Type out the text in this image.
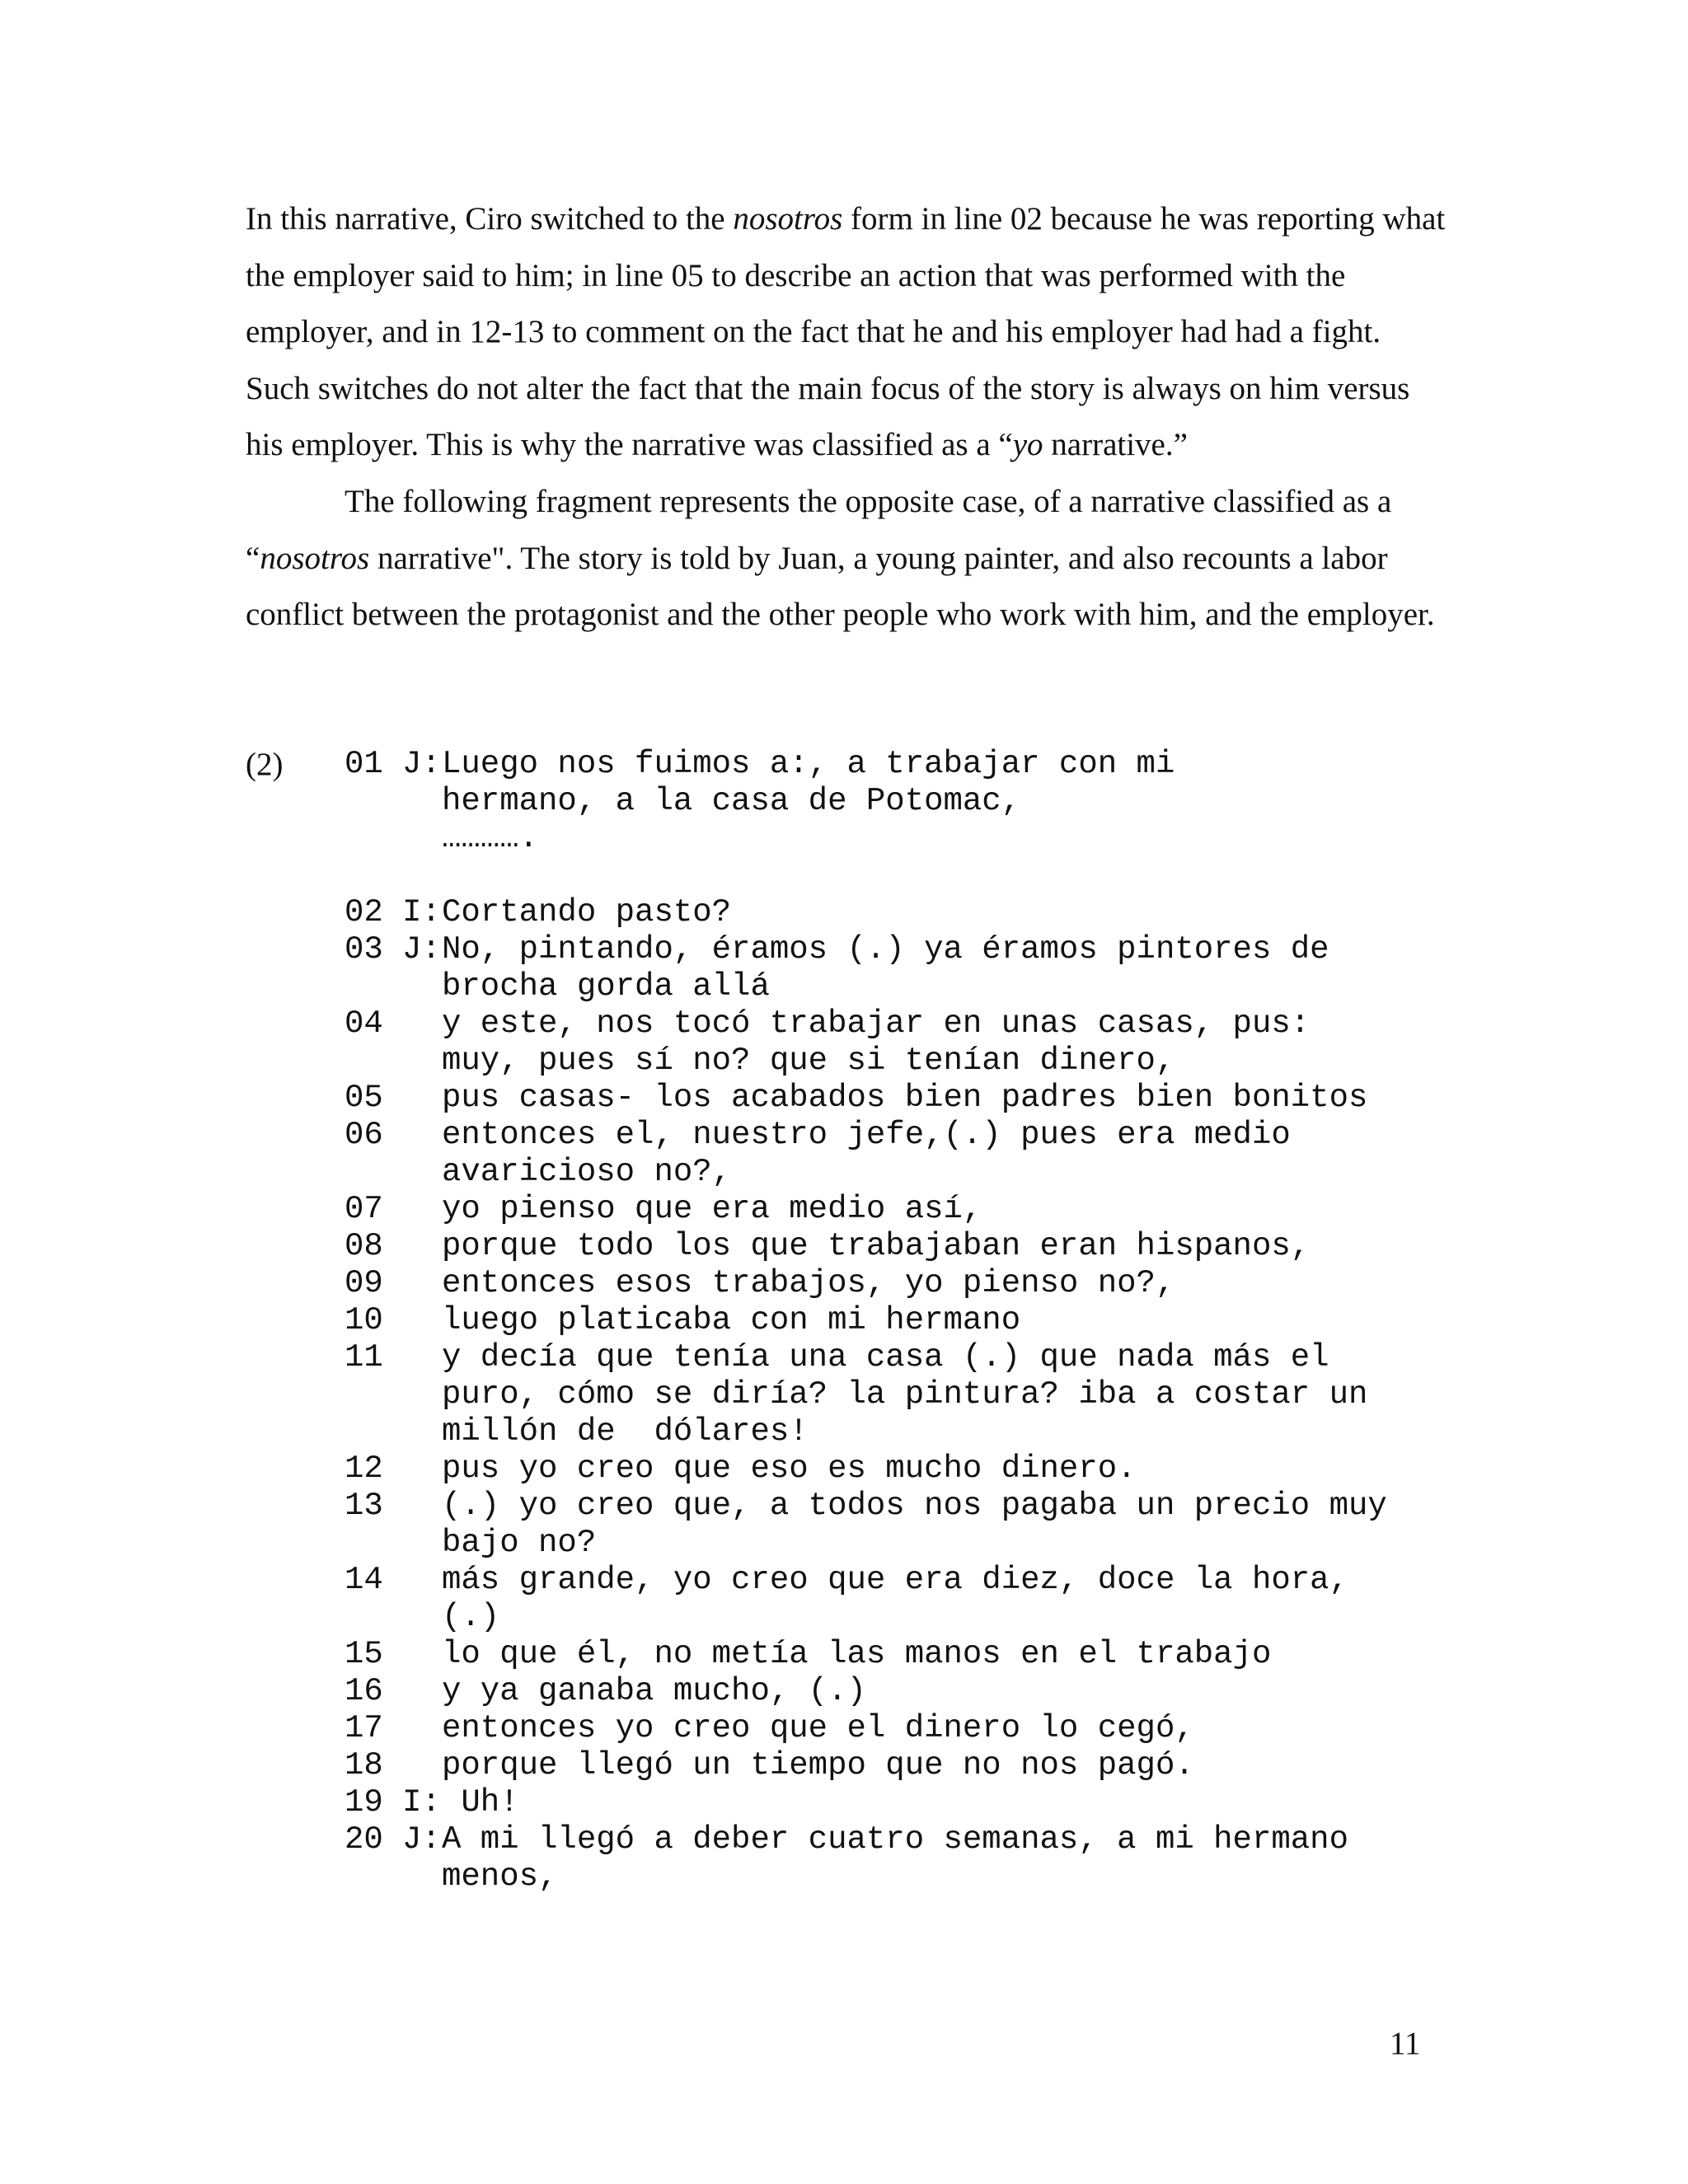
In this narrative, Ciro switched to the nosotros form in line 02 because he was reporting what the employer said to him; in line 05 to describe an action that was performed with the employer, and in 12-13 to comment on the fact that he and his employer had had a fight. Such switches do not alter the fact that the main focus of the story is always on him versus his employer. This is why the narrative was classified as a “yo narrative.”

The following fragment represents the opposite case, of a narrative classified as a “nosotros narrative". The story is told by Juan, a young painter, and also recounts a labor conflict between the protagonist and the other people who work with him, and the employer.

(2) 01 J: Luego nos fuimos a:, a trabajar con mi
hermano, a la casa de Potomac,
………….
02 I: Cortando pasto?
03 J: No, pintando, éramos (.) ya éramos pintores de
brocha gorda allá
04	y este, nos tocó trabajar en unas casas, pus:
muy, pues sí no? que si tenían dinero,
05	pus casas- los acabados bien padres bien bonitos
06	entonces el, nuestro jefe,(.) pues era medio
avaricioso no?,
07	yo pienso que era medio así,
08	porque todo los que trabajaban eran hispanos,
09	entonces esos trabajos, yo pienso no?,
10	luego platicaba con mi hermano
11	y decía que tenía una casa (.) que nada más el
puro, cómo se diría? la pintura? iba a costar un
millón de  dólares!
12	pus yo creo que eso es mucho dinero.
13	(.) yo creo que, a todos nos pagaba un precio muy
bajo no?
14	más grande, yo creo que era diez, doce la hora,
(.)
15	lo que él, no metía las manos en el trabajo
16	y ya ganaba mucho, (.)
17	entonces yo creo que el dinero lo cegó,
18	porque llegó un tiempo que no nos pagó.
19 I: Uh!
20 J: A mi llegó a deber cuatro semanas, a mi hermano
menos,
11
